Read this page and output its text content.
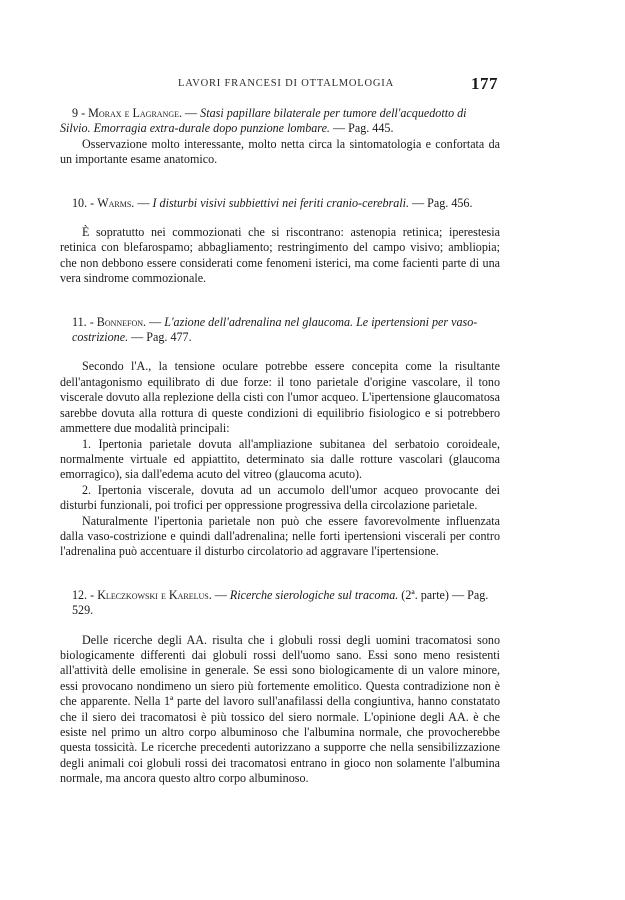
LAVORI FRANCESI DI OTTALMOLOGIA	177

9 - Morax e Lagrange. — Stasi papillare bilaterale per tumore dell'acquedotto di Silvio. Emorragia extra-durale dopo punzione lombare. — Pag. 445.

Osservazione molto interessante, molto netta circa la sintomatologia e confortata da un importante esame anatomico.

10. - Warms. — I disturbi visivi subbiettivi nei feriti cranio-cerebrali. — Pag. 456.

È sopratutto nei commozionati che si riscontrano: astenopia retinica; iperestesia retinica con blefarospamo; abbagliamento; restringimento del campo visivo; ambliopia; che non debbono essere considerati come fenomeni isterici, ma come facienti parte di una vera sindrome commozionale.

11. - Bonnefon. — L'azione dell'adrenalina nel glaucoma. Le ipertensioni per vaso-costrizione. — Pag. 477.

Secondo l'A., la tensione oculare potrebbe essere concepita come la risultante dell'antagonismo equilibrato di due forze: il tono parietale d'origine vascolare, il tono viscerale dovuto alla replezione della cisti con l'umor acqueo. L'ipertensione glaucomatosa sarebbe dovuta alla rottura di queste condizioni di equilibrio fisiologico e si potrebbero ammettere due modalità principali:

1. Ipertonia parietale dovuta all'ampliazione subitanea del serbatoio coroideale, normalmente virtuale ed appiattito, determinato sia dalle rotture vascolari (glaucoma emorragico), sia dall'edema acuto del vitreo (glaucoma acuto).

2. Ipertonia viscerale, dovuta ad un accumolo dell'umor acqueo provocante dei disturbi funzionali, poi trofici per oppressione progressiva della circolazione parietale.

Naturalmente l'ipertonia parietale non può che essere favorevolmente influenzata dalla vaso-costrizione e quindi dall'adrenalina; nelle forti ipertensioni viscerali per contro l'adrenalina può accentuare il disturbo circolatorio ad aggravare l'ipertensione.

12. - Kleczkowski e Karelus. — Ricerche sierologiche sul tracoma. (2ª. parte) — Pag. 529.

Delle ricerche degli AA. risulta che i globuli rossi degli uomini tracomatosi sono biologicamente differenti dai globuli rossi dell'uomo sano. Essi sono meno resistenti all'attività delle emolisine in generale. Se essi sono biologicamente di un valore minore, essi provocano nondimeno un siero più fortemente emolitico. Questa contradizione non è che apparente. Nella 1ª parte del lavoro sull'anafilassi della congiuntiva, hanno constatato che il siero dei tracomatosi è più tossico del siero normale. L'opinione degli AA. è che esiste nel primo un altro corpo albuminoso che l'albumina normale, che provocherebbe questa tossicità. Le ricerche precedenti autorizzano a supporre che nella sensibilizzazione degli animali coi globuli rossi dei tracomatosi entrano in gioco non solamente l'albumina normale, ma ancora questo altro corpo albuminoso.
